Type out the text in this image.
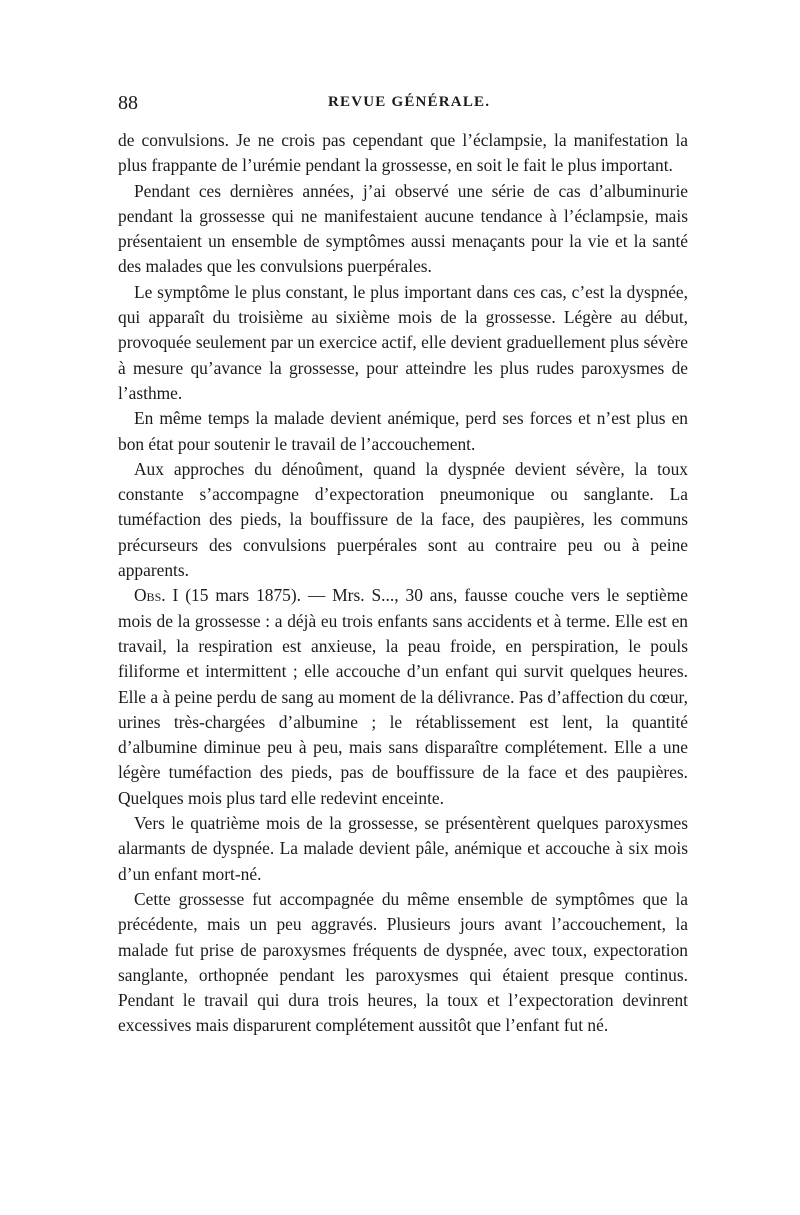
88	REVUE GÉNÉRALE.

de convulsions. Je ne crois pas cependant que l’éclampsie, la manifestation la plus frappante de l’urémie pendant la grossesse, en soit le fait le plus important.

Pendant ces dernières années, j’ai observé une série de cas d’albuminurie pendant la grossesse qui ne manifestaient aucune tendance à l’éclampsie, mais présentaient un ensemble de symptômes aussi menaçants pour la vie et la santé des malades que les convulsions puerpérales.

Le symptôme le plus constant, le plus important dans ces cas, c’est la dyspnée, qui apparaît du troisième au sixième mois de la grossesse. Légère au début, provoquée seulement par un exercice actif, elle devient graduellement plus sévère à mesure qu’avance la grossesse, pour atteindre les plus rudes paroxysmes de l’asthme.

En même temps la malade devient anémique, perd ses forces et n’est plus en bon état pour soutenir le travail de l’accouchement.

Aux approches du dénoûment, quand la dyspnée devient sévère, la toux constante s’accompagne d’expectoration pneumonique ou sanglante. La tuméfaction des pieds, la bouffissure de la face, des paupières, les communs précurseurs des convulsions puerpérales sont au contraire peu ou à peine apparents.

Obs. I (15 mars 1875). — Mrs. S..., 30 ans, fausse couche vers le septième mois de la grossesse : a déjà eu trois enfants sans accidents et à terme. Elle est en travail, la respiration est anxieuse, la peau froide, en perspiration, le pouls filiforme et intermittent ; elle accouche d’un enfant qui survit quelques heures. Elle a à peine perdu de sang au moment de la délivrance. Pas d’affection du cœur, urines très-chargées d’albumine ; le rétablissement est lent, la quantité d’albumine diminue peu à peu, mais sans disparaître complétement. Elle a une légère tuméfaction des pieds, pas de bouffissure de la face et des paupières. Quelques mois plus tard elle redevint enceinte.

Vers le quatrième mois de la grossesse, se présentèrent quelques paroxysmes alarmants de dyspnée. La malade devient pâle, anémique et accouche à six mois d’un enfant mort-né.

Cette grossesse fut accompagnée du même ensemble de symptômes que la précédente, mais un peu aggravés. Plusieurs jours avant l’accouchement, la malade fut prise de paroxysmes fréquents de dyspnée, avec toux, expectoration sanglante, orthopnée pendant les paroxysmes qui étaient presque continus. Pendant le travail qui dura trois heures, la toux et l’expectoration devinrent excessives mais disparurent complétement aussitôt que l’enfant fut né.
